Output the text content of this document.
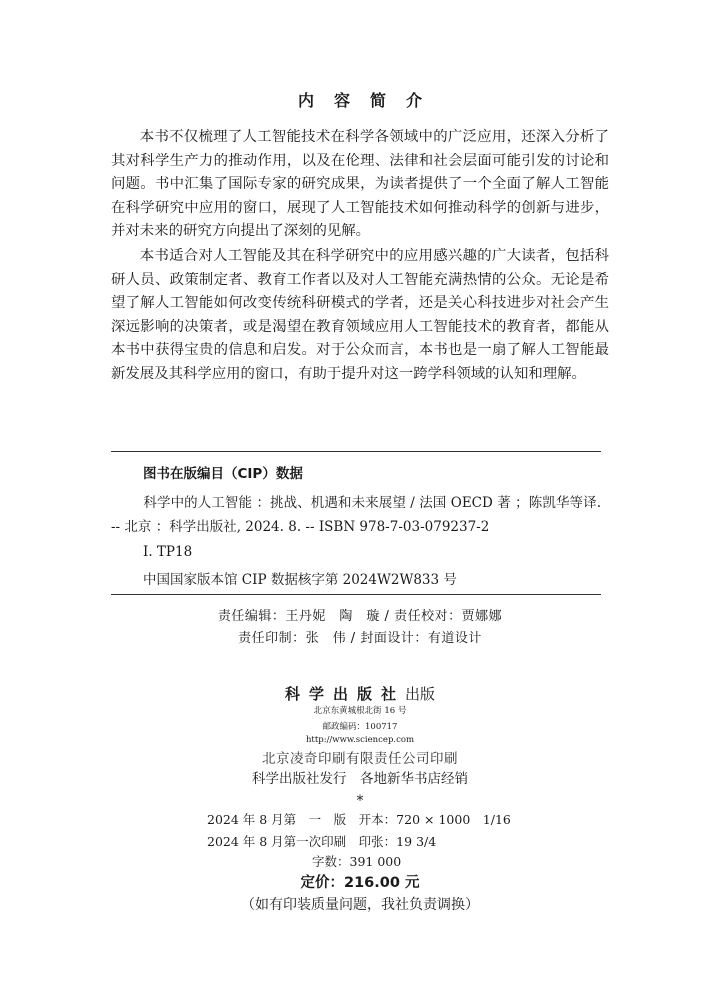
内容简介

本书不仅梳理了人工智能技术在科学各领域中的广泛应用，还深入分析了其对科学生产力的推动作用，以及在伦理、法律和社会层面可能引发的讨论和问题。书中汇集了国际专家的研究成果，为读者提供了一个全面了解人工智能在科学研究中应用的窗口，展现了人工智能技术如何推动科学的创新与进步，并对未来的研究方向提出了深刻的见解。

本书适合对人工智能及其在科学研究中的应用感兴趣的广大读者，包括科研人员、政策制定者、教育工作者以及对人工智能充满热情的公众。无论是希望了解人工智能如何改变传统科研模式的学者，还是关心科技进步对社会产生深远影响的决策者，或是渴望在教育领域应用人工智能技术的教育者，都能从本书中获得宝贵的信息和启发。对于公众而言，本书也是一扇了解人工智能最新发展及其科学应用的窗口，有助于提升对这一跨学科领域的认知和理解。

图书在版编目（CIP）数据

科学中的人工智能 ：挑战、机遇和未来展望 / 法国 OECD 著 ；陈凯华等译. -- 北京 ：科学出版社, 2024. 8. -- ISBN 978-7-03-079237-2

Ⅰ. TP18
中国国家版本馆 CIP 数据核字第 2024W2W833 号
责任编辑：王丹妮　陶　璇 / 责任校对：贾娜娜
责任印制：张　伟 / 封面设计：有道设计
科学出版社出版
北京东黄城根北街 16 号
邮政编码：100717
http://www.sciencep.com
北京凌奇印刷有限责任公司印刷
科学出版社发行　各地新华书店经销
*
2024 年 8 月第　一　版　开本：720 × 1000　1/16
2024 年 8 月第一次印刷　印张：19 3/4
字数：391 000
定价：216.00 元
（如有印装质量问题，我社负责调换）
